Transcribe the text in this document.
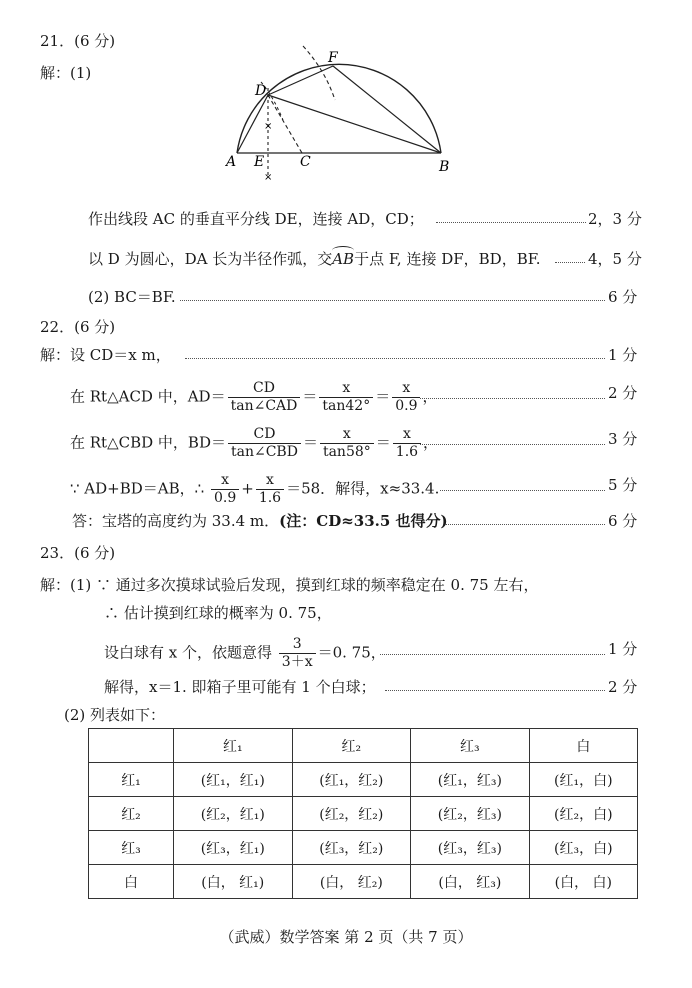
21．(6 分)
解：(1)
×
×
D
F
A E	C	B
作出线段 AC 的垂直平分线 DE，连接 AD，CD；	2，3 分
以 D 为圆心，DA 长为半径作弧，交AB于点 F, 连接 DF，BD，BF.	4，5 分
(2) BC＝BF.	6 分
22．(6 分)
解：设 CD＝x m，	1 分
在 Rt△ACD 中，$AD= \frac{CD}{\text{tan∠CAD}} = \frac{x}{\tan 42^\circ} = \frac{x}{0.9}$ ，	2 分
在 Rt△CBD 中，$BD= \frac{CD}{\text{tan∠CBD}} = \frac{x}{\tan 58^\circ} = \frac{x}{1.6}$ ，	3 分
∵ AD+BD＝AB，∴ $\frac{x}{0.9} + \frac{x}{1.6} =58$．解得，x≈33.4.	5 分
答：宝塔的高度约为 33.4 m．(注：CD≈33.5 也得分)	6 分
23．(6 分)
解：(1) ∵ 通过多次摸球试验后发现，摸到红球的频率稳定在 0. 75 左右，
∴ 估计摸到红球的概率为 0. 75，
设白球有 x 个，依题意得 $\frac{3}{3+x} =0$. 75，	1 分
解得，x＝1. 即箱子里可能有 1 个白球；	2 分
(2) 列表如下：
	红₁	红₂	红₃	白
红₁	(红₁，红₁)	(红₁，红₂)	(红₁，红₃)	(红₁，白)
红₂	(红₂，红₁)	(红₂，红₂)	(红₂，红₃)	(红₂，白)
红₃	(红₃，红₁)	(红₃，红₂)	(红₃，红₃)	(红₃，白)
白	(白， 红₁)	(白， 红₂)	(白， 红₃)	(白， 白)
（武威）数学答案 第 2 页（共 7 页）
